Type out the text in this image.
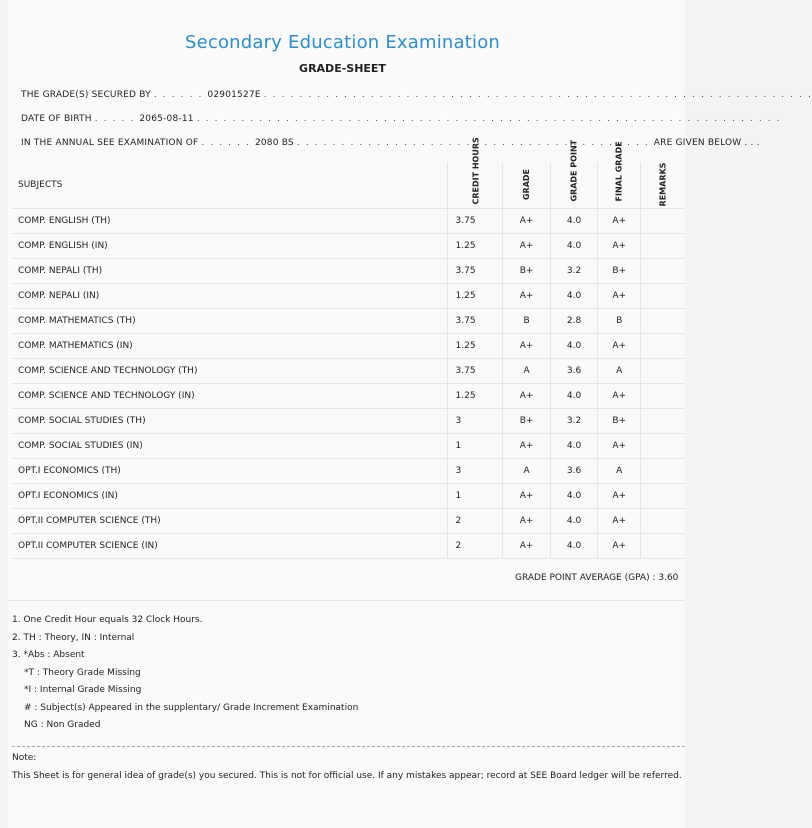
Secondary Education Examination
GRADE-SHEET
THE GRADE(S) SECURED BY . . . . . . 02901527E . . . . . . . . . . . . . . . . . . . . . . . . . . . . . . . . . . . . . . . . . . . . . . . . . . . . . . . . . . . . . .
DATE OF BIRTH . . . . . 2065-08-11 . . . . . . . . . . . . . . . . . . . . . . . . . . . . . . . . . . . . . . . . . . . . . . . . . . . . . . . . . . . . . . . . . .
IN THE ANNUAL SEE EXAMINATION OF . . . . . . 2080 BS . . . . . . . . . . . . . . . . . . . . . . . . . . . . . . . . . . . . . . . . ARE GIVEN BELOW . . .
SUBJECTS	CREDIT HOURS	GRADE	GRADE POINT	FINAL GRADE	REMARKS
COMP. ENGLISH (TH)	3.75	A+	4.0	A+	
COMP. ENGLISH (IN)	1.25	A+	4.0	A+	
COMP. NEPALI (TH)	3.75	B+	3.2	B+	
COMP. NEPALI (IN)	1.25	A+	4.0	A+	
COMP. MATHEMATICS (TH)	3.75	B	2.8	B	
COMP. MATHEMATICS (IN)	1.25	A+	4.0	A+	
COMP. SCIENCE AND TECHNOLOGY (TH)	3.75	A	3.6	A	
COMP. SCIENCE AND TECHNOLOGY (IN)	1.25	A+	4.0	A+	
COMP. SOCIAL STUDIES (TH)	3	B+	3.2	B+	
COMP. SOCIAL STUDIES (IN)	1	A+	4.0	A+	
OPT.I ECONOMICS (TH)	3	A	3.6	A	
OPT.I ECONOMICS (IN)	1	A+	4.0	A+	
OPT.II COMPUTER SCIENCE (TH)	2	A+	4.0	A+	
OPT.II COMPUTER SCIENCE (IN)	2	A+	4.0	A+	
GRADE POINT AVERAGE (GPA) : 3.60
1. One Credit Hour equals 32 Clock Hours.
2. TH : Theory, IN : Internal
3. *Abs : Absent
*T : Theory Grade Missing
*I : Internal Grade Missing
# : Subject(s) Appeared in the supplentary/ Grade Increment Examination
NG : Non Graded
Note:
This Sheet is for general idea of grade(s) you secured. This is not for official use. If any mistakes appear; record at SEE Board ledger will be referred.
